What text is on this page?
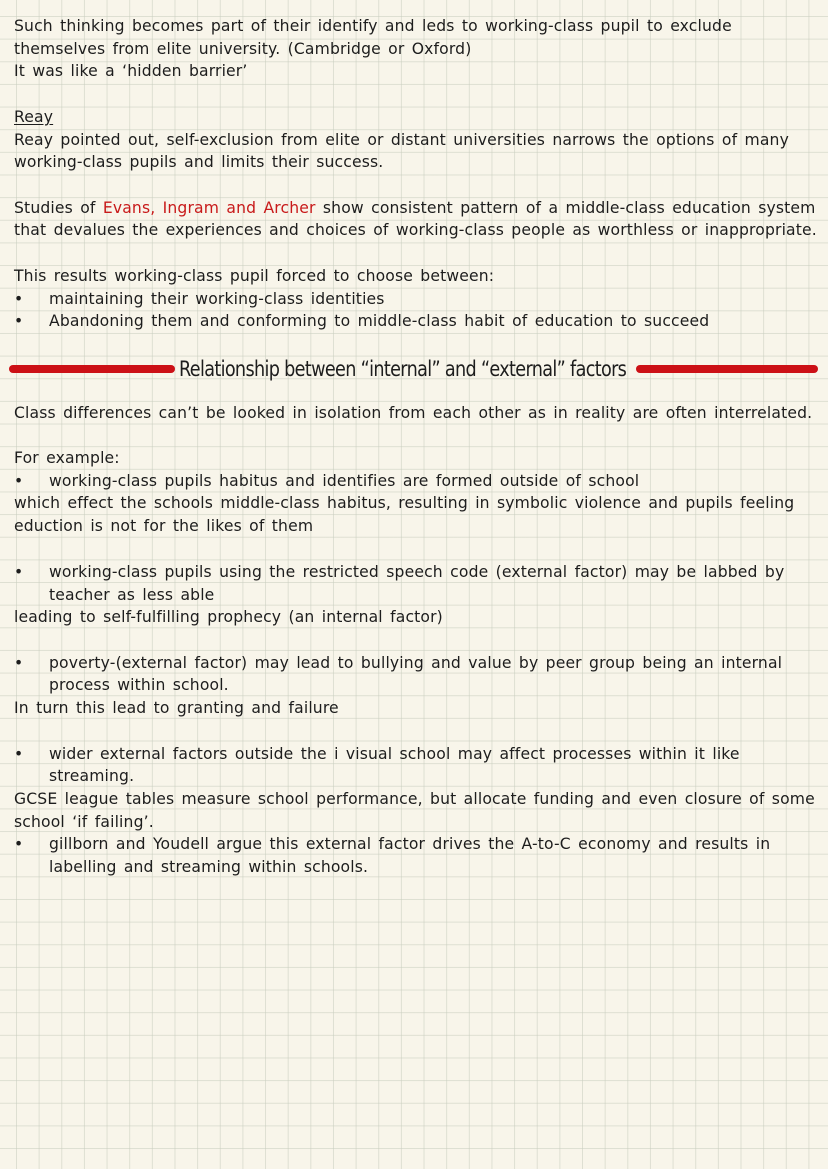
Such thinking becomes part of their identify and leds to working-class pupil to exclude
themselves from elite university. (Cambridge or Oxford)
It was like a ‘hidden barrier’
Reay
Reay pointed out, self-exclusion from elite or distant universities narrows the options of many
working-class pupils and limits their success.
Studies of Evans, Ingram and Archer show consistent pattern of a middle-class education system
that devalues the experiences and choices of working-class people as worthless or inappropriate.
This results working-class pupil forced to choose between:
• maintaining their working-class identities
• Abandoning them and conforming to middle-class habit of education to succeed
Relationship between “internal” and “external” factors
Class differences can’t be looked in isolation from each other as in reality are often interrelated.
For example:
• working-class pupils habitus and identifies are formed outside of school
which effect the schools middle-class habitus, resulting in symbolic violence and pupils feeling
eduction is not for the likes of them
• working-class pupils using the restricted speech code (external factor) may be labbed by
teacher as less able
leading to self-fulfilling prophecy (an internal factor)
• poverty-(external factor) may lead to bullying and value by peer group being an internal
process within school.
In turn this lead to granting and failure
• wider external factors outside the i visual school may affect processes within it like
streaming.
GCSE league tables measure school performance, but allocate funding and even closure of some
school ‘if failing’.
• gillborn and Youdell argue this external factor drives the A-to-C economy and results in
labelling and streaming within schools.
